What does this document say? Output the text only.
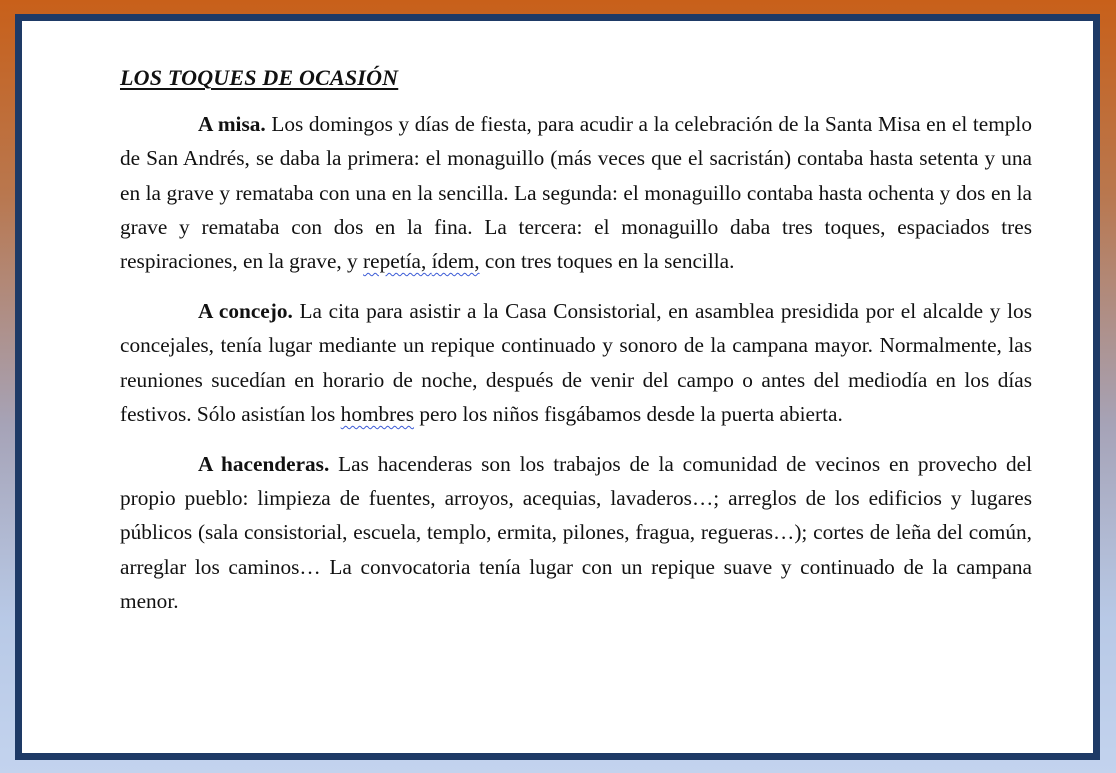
LOS TOQUES DE OCASIÓN

A misa. Los domingos y días de fiesta, para acudir a la celebración de la Santa Misa en el templo de San Andrés, se daba la primera: el monaguillo (más veces que el sacristán) contaba hasta setenta y una en la grave y remataba con una en la sencilla. La segunda: el monaguillo contaba hasta ochenta y dos en la grave y remataba con dos en la fina. La tercera: el monaguillo daba tres toques, espaciados tres respiraciones, en la grave, y repetía, ídem, con tres toques en la sencilla.

A concejo. La cita para asistir a la Casa Consistorial, en asamblea presidida por el alcalde y los concejales, tenía lugar mediante un repique continuado y sonoro de la campana mayor. Normalmente, las reuniones sucedían en horario de noche, después de venir del campo o antes del mediodía en los días festivos. Sólo asistían los hombres pero los niños fisgábamos desde la puerta abierta.

A hacenderas. Las hacenderas son los trabajos de la comunidad de vecinos en provecho del propio pueblo: limpieza de fuentes, arroyos, acequias, lavaderos…; arreglos de los edificios y lugares públicos (sala consistorial, escuela, templo, ermita, pilones, fragua, regueras…); cortes de leña del común, arreglar los caminos… La convocatoria tenía lugar con un repique suave y continuado de la campana menor.
